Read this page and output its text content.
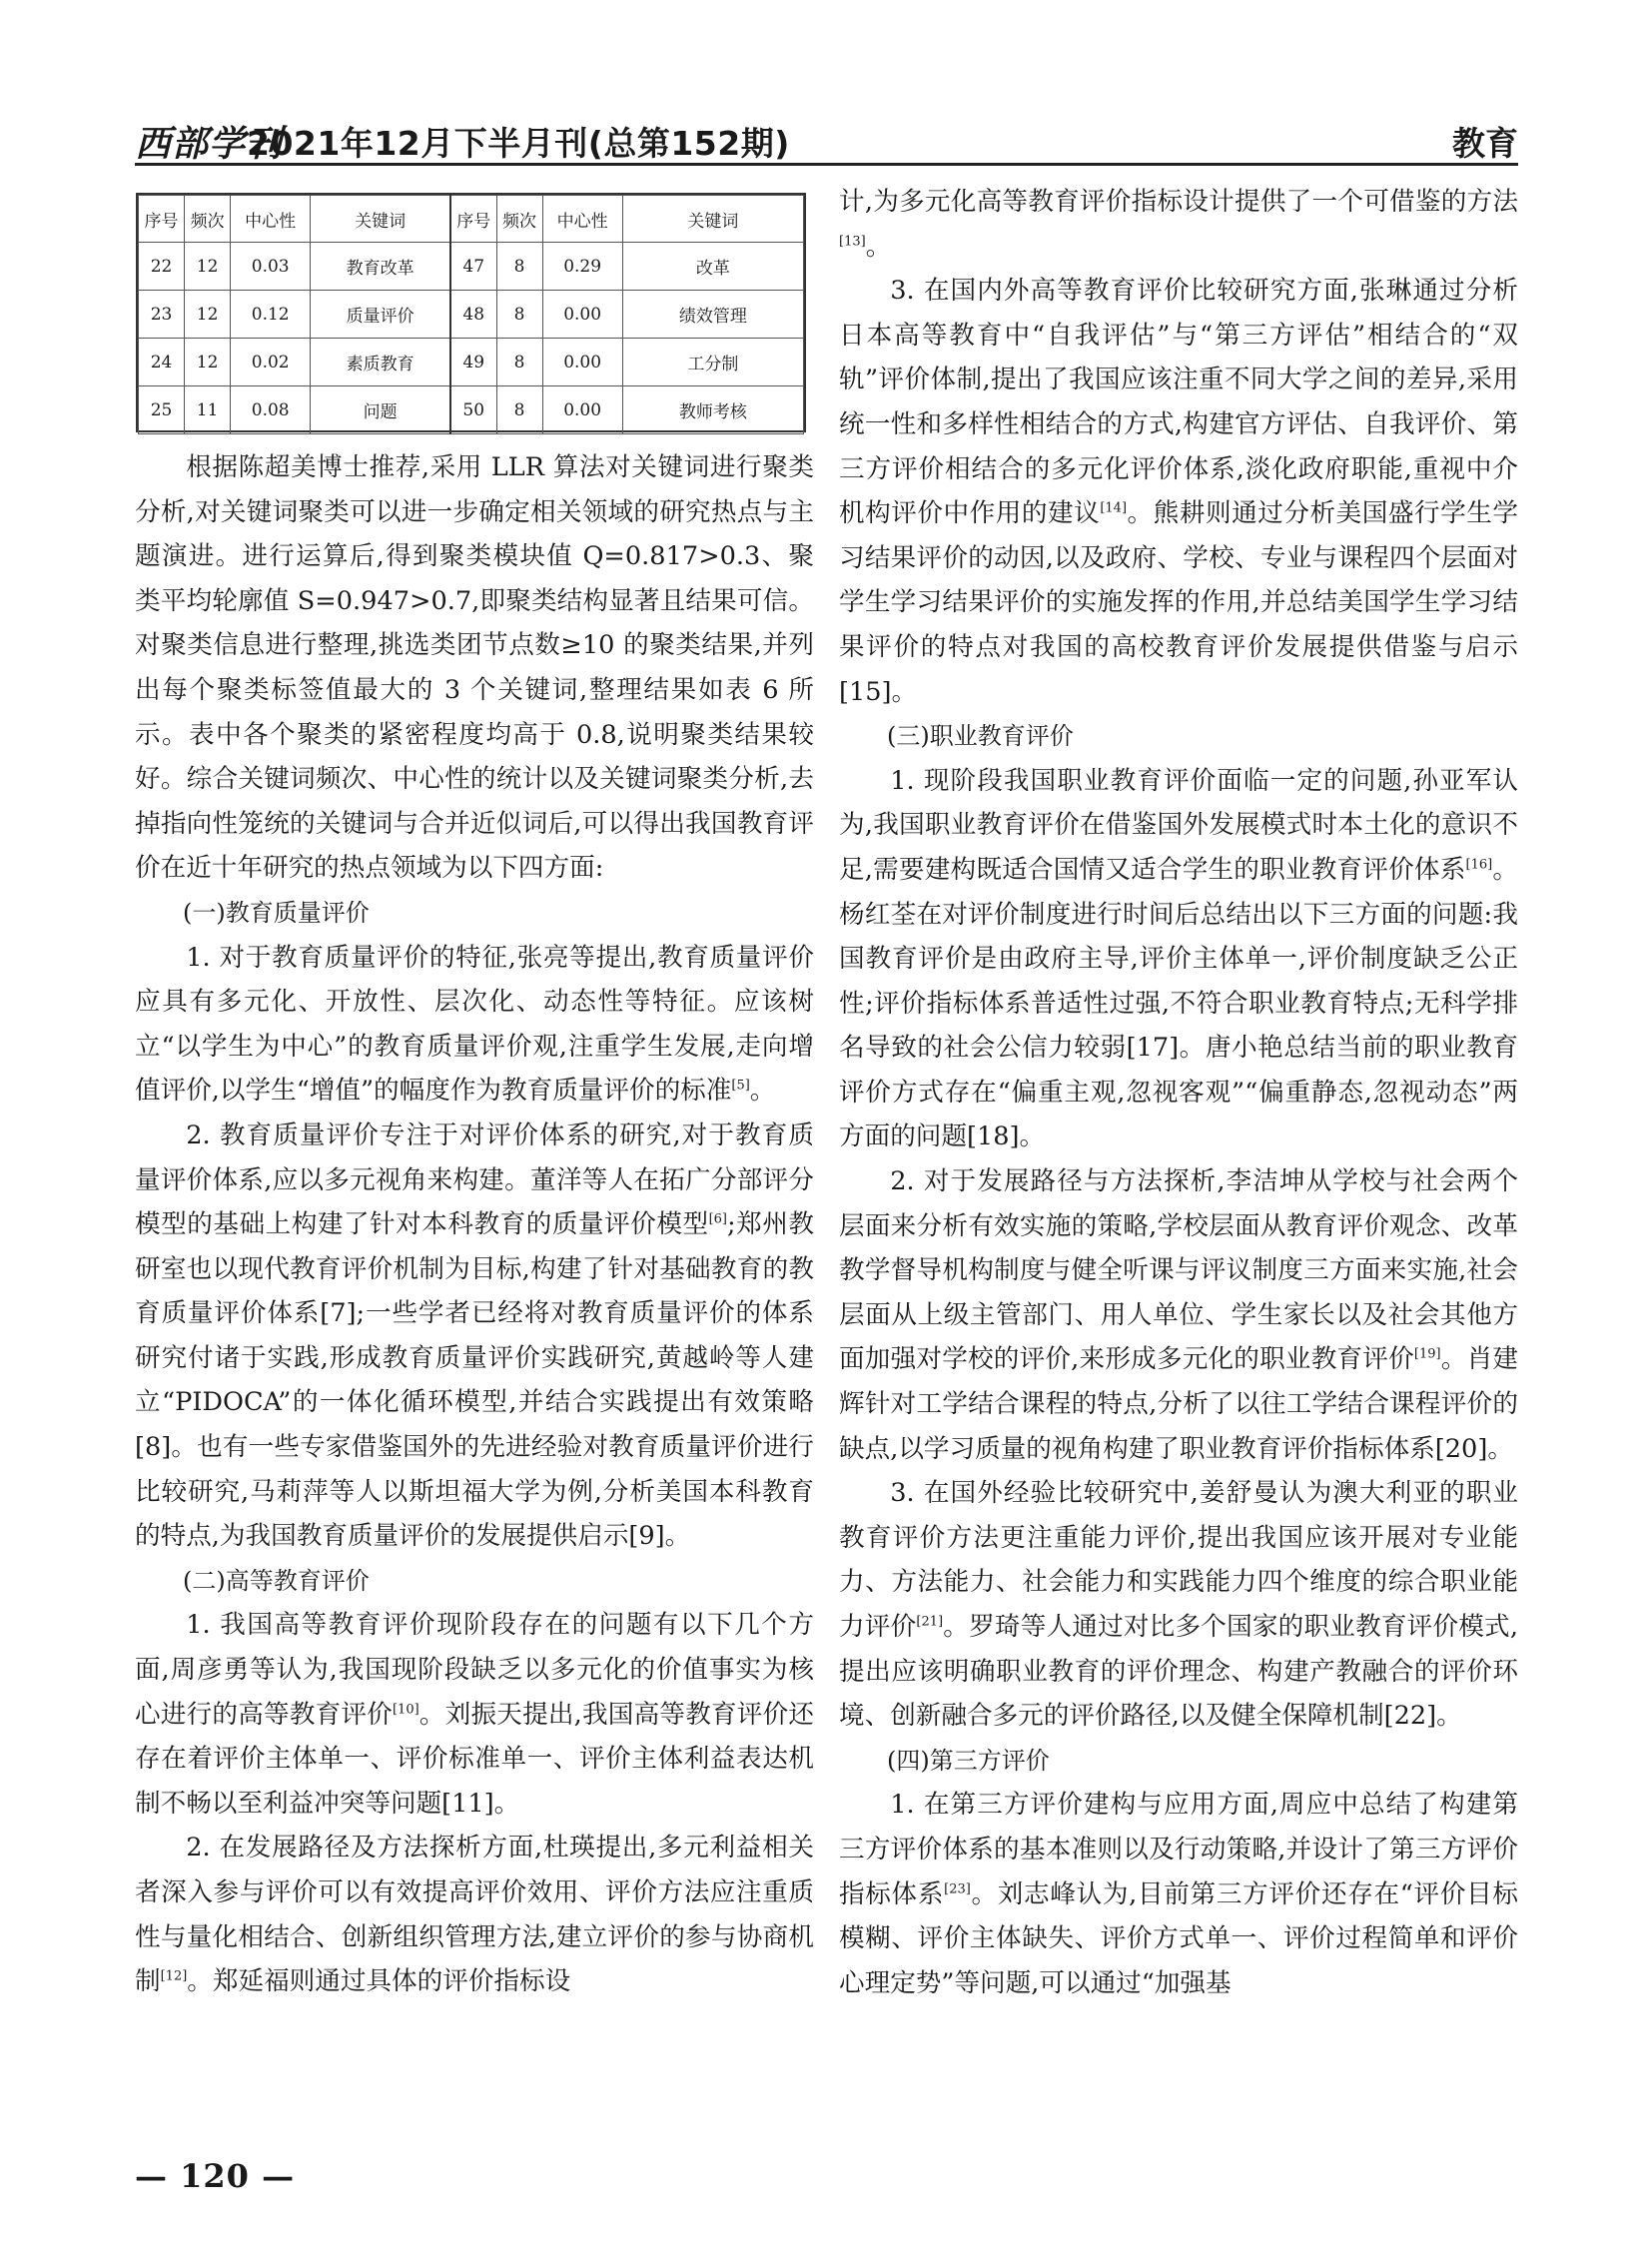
西部学刊
2021年12月下半月刊(总第152期)	教育
序号	频次	中心性	关键词	序号	频次	中心性	关键词
22	12	0.03	教育改革	47	8	0.29	改革
23	12	0.12	质量评价	48	8	0.00	绩效管理
24	12	0.02	素质教育	49	8	0.00	工分制
25	11	0.08	问题	50	8	0.00	教师考核

根据陈超美博士推荐,采用 LLR 算法对关键词进行聚类分析,对关键词聚类可以进一步确定相关领域的研究热点与主题演进。进行运算后,得到聚类模块值 Q=0.817>0.3、聚类平均轮廓值 S=0.947>0.7,即聚类结构显著且结果可信。对聚类信息进行整理,挑选类团节点数≥10 的聚类结果,并列出每个聚类标签值最大的 3 个关键词,整理结果如表 6 所示。表中各个聚类的紧密程度均高于 0.8,说明聚类结果较好。综合关键词频次、中心性的统计以及关键词聚类分析,去掉指向性笼统的关键词与合并近似词后,可以得出我国教育评价在近十年研究的热点领域为以下四方面:

(一)教育质量评价

1. 对于教育质量评价的特征,张亮等提出,教育质量评价应具有多元化、开放性、层次化、动态性等特征。应该树立“以学生为中心”的教育质量评价观,注重学生发展,走向增值评价,以学生“增值”的幅度作为教育质量评价的标准[5]。

2. 教育质量评价专注于对评价体系的研究,对于教育质量评价体系,应以多元视角来构建。董洋等人在拓广分部评分模型的基础上构建了针对本科教育的质量评价模型[6];郑州教研室也以现代教育评价机制为目标,构建了针对基础教育的教育质量评价体系[7];一些学者已经将对教育质量评价的体系研究付诸于实践,形成教育质量评价实践研究,黄越岭等人建立“PIDOCA”的一体化循环模型,并结合实践提出有效策略[8]。也有一些专家借鉴国外的先进经验对教育质量评价进行比较研究,马莉萍等人以斯坦福大学为例,分析美国本科教育的特点,为我国教育质量评价的发展提供启示[9]。

(二)高等教育评价

1. 我国高等教育评价现阶段存在的问题有以下几个方面,周彦勇等认为,我国现阶段缺乏以多元化的价值事实为核心进行的高等教育评价[10]。刘振天提出,我国高等教育评价还存在着评价主体单一、评价标准单一、评价主体利益表达机制不畅以至利益冲突等问题[11]。

2. 在发展路径及方法探析方面,杜瑛提出,多元利益相关者深入参与评价可以有效提高评价效用、评价方法应注重质性与量化相结合、创新组织管理方法,建立评价的参与协商机制[12]。郑延福则通过具体的评价指标设

计,为多元化高等教育评价指标设计提供了一个可借鉴的方法[13]。

3. 在国内外高等教育评价比较研究方面,张琳通过分析日本高等教育中“自我评估”与“第三方评估”相结合的“双轨”评价体制,提出了我国应该注重不同大学之间的差异,采用统一性和多样性相结合的方式,构建官方评估、自我评价、第三方评价相结合的多元化评价体系,淡化政府职能,重视中介机构评价中作用的建议[14]。熊耕则通过分析美国盛行学生学习结果评价的动因,以及政府、学校、专业与课程四个层面对学生学习结果评价的实施发挥的作用,并总结美国学生学习结果评价的特点对我国的高校教育评价发展提供借鉴与启示[15]。

(三)职业教育评价

1. 现阶段我国职业教育评价面临一定的问题,孙亚军认为,我国职业教育评价在借鉴国外发展模式时本土化的意识不足,需要建构既适合国情又适合学生的职业教育评价体系[16]。杨红荃在对评价制度进行时间后总结出以下三方面的问题:我国教育评价是由政府主导,评价主体单一,评价制度缺乏公正性;评价指标体系普适性过强,不符合职业教育特点;无科学排名导致的社会公信力较弱[17]。唐小艳总结当前的职业教育评价方式存在“偏重主观,忽视客观”“偏重静态,忽视动态”两方面的问题[18]。

2. 对于发展路径与方法探析,李洁坤从学校与社会两个层面来分析有效实施的策略,学校层面从教育评价观念、改革教学督导机构制度与健全听课与评议制度三方面来实施,社会层面从上级主管部门、用人单位、学生家长以及社会其他方面加强对学校的评价,来形成多元化的职业教育评价[19]。肖建辉针对工学结合课程的特点,分析了以往工学结合课程评价的缺点,以学习质量的视角构建了职业教育评价指标体系[20]。

3. 在国外经验比较研究中,姜舒曼认为澳大利亚的职业教育评价方法更注重能力评价,提出我国应该开展对专业能力、方法能力、社会能力和实践能力四个维度的综合职业能力评价[21]。罗琦等人通过对比多个国家的职业教育评价模式,提出应该明确职业教育的评价理念、构建产教融合的评价环境、创新融合多元的评价路径,以及健全保障机制[22]。

(四)第三方评价

1. 在第三方评价建构与应用方面,周应中总结了构建第三方评价体系的基本准则以及行动策略,并设计了第三方评价指标体系[23]。刘志峰认为,目前第三方评价还存在“评价目标模糊、评价主体缺失、评价方式单一、评价过程简单和评价心理定势”等问题,可以通过“加强基

— 120 —
